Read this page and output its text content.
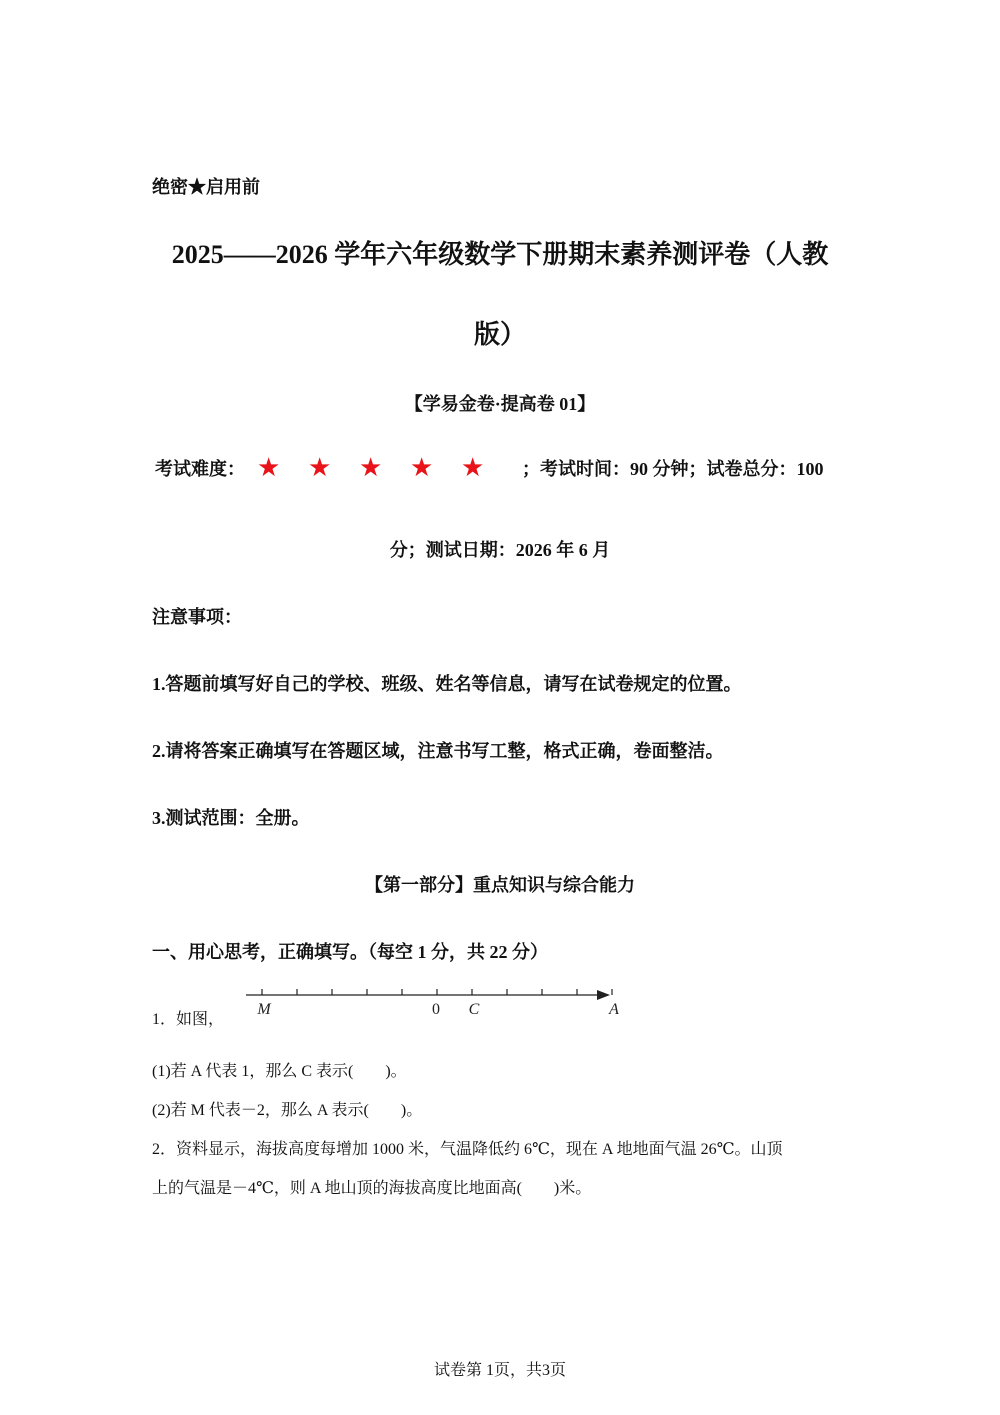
绝密★启用前
2025——2026 学年六年级数学下册期末素养测评卷（人教
版）
【学易金卷·提高卷 01】
考试难度： ★	★	★	★	★	；考试时间：90 分钟；试卷总分：100
分；测试日期：2026 年 6 月
注意事项：
1.答题前填写好自己的学校、班级、姓名等信息，请写在试卷规定的位置。
2.请将答案正确填写在答题区域，注意书写工整，格式正确，卷面整洁。
3.测试范围：全册。
【第一部分】重点知识与综合能力
一、用心思考，正确填写。（每空 1 分，共 22 分）
1．如图，
M	0 C	A
(1)若 A 代表 1，那么 C 表示(　　)。
(2)若 M 代表－2，那么 A 表示(　　)。
2．资料显示，海拔高度每增加 1000 米，气温降低约 6℃，现在 A 地地面气温 26℃。山顶
上的气温是－4℃，则 A 地山顶的海拔高度比地面高(　　)米。
试卷第 1页，共3页
